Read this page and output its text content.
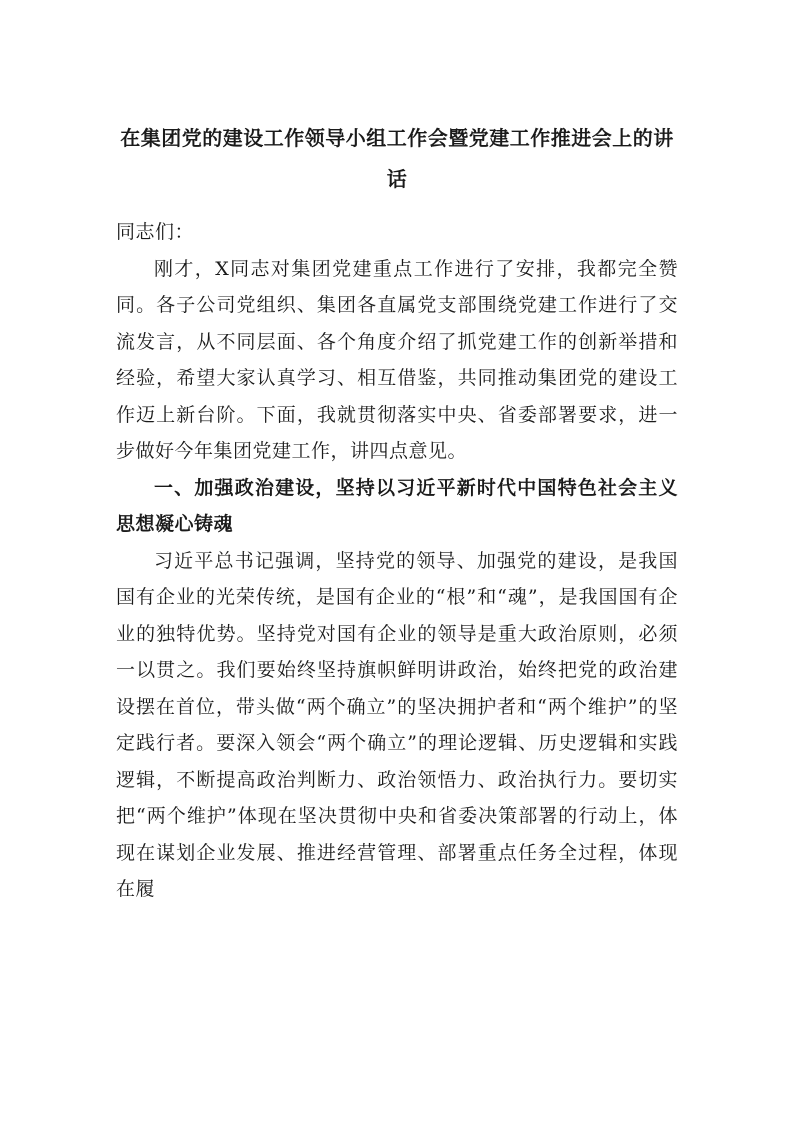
在集团党的建设工作领导小组工作会暨党建工作推进会上的讲话

同志们：

刚才，X同志对集团党建重点工作进行了安排，我都完全赞同。各子公司党组织、集团各直属党支部围绕党建工作进行了交流发言，从不同层面、各个角度介绍了抓党建工作的创新举措和经验，希望大家认真学习、相互借鉴，共同推动集团党的建设工作迈上新台阶。下面，我就贯彻落实中央、省委部署要求，进一步做好今年集团党建工作，讲四点意见。

一、加强政治建设，坚持以习近平新时代中国特色社会主义思想凝心铸魂

习近平总书记强调，坚持党的领导、加强党的建设，是我国国有企业的光荣传统，是国有企业的“根”和“魂”，是我国国有企业的独特优势。坚持党对国有企业的领导是重大政治原则，必须一以贯之。我们要始终坚持旗帜鲜明讲政治，始终把党的政治建设摆在首位，带头做“两个确立”的坚决拥护者和“两个维护”的坚定践行者。要深入领会“两个确立”的理论逻辑、历史逻辑和实践逻辑，不断提高政治判断力、政治领悟力、政治执行力。要切实把“两个维护”体现在坚决贯彻中央和省委决策部署的行动上，体现在谋划企业发展、推进经营管理、部署重点任务全过程，体现在履
